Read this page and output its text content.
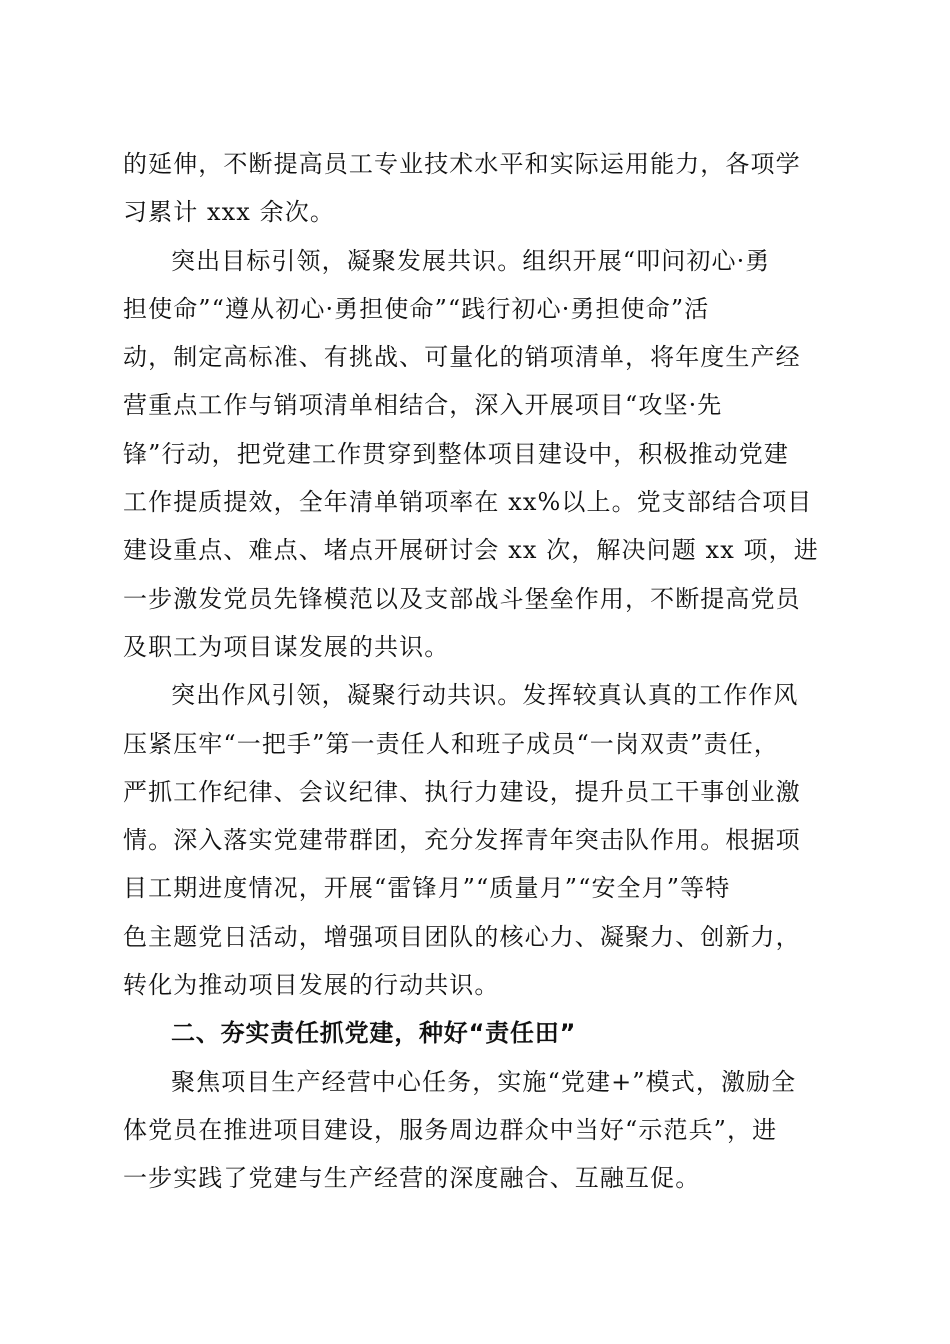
的延伸，不断提高员工专业技术水平和实际运用能力，各项学
习累计 xxx 余次。
突出目标引领，凝聚发展共识。组织开展“叩问初心·勇
担使命”“遵从初心·勇担使命”“践行初心·勇担使命”活
动，制定高标准、有挑战、可量化的销项清单，将年度生产经
营重点工作与销项清单相结合，深入开展项目“攻坚·先
锋”行动，把党建工作贯穿到整体项目建设中，积极推动党建
工作提质提效，全年清单销项率在 xx%以上。党支部结合项目
建设重点、难点、堵点开展研讨会 xx 次，解决问题 xx 项，进
一步激发党员先锋模范以及支部战斗堡垒作用，不断提高党员
及职工为项目谋发展的共识。
突出作风引领，凝聚行动共识。发挥较真认真的工作作风
压紧压牢“一把手”第一责任人和班子成员“一岗双责”责任，
严抓工作纪律、会议纪律、执行力建设，提升员工干事创业激
情。深入落实党建带群团，充分发挥青年突击队作用。根据项
目工期进度情况，开展“雷锋月”“质量月”“安全月”等特
色主题党日活动，增强项目团队的核心力、凝聚力、创新力，
转化为推动项目发展的行动共识。
二、夯实责任抓党建，种好“责任田”
聚焦项目生产经营中心任务，实施“党建+”模式，激励全
体党员在推进项目建设，服务周边群众中当好“示范兵”，进
一步实践了党建与生产经营的深度融合、互融互促。
